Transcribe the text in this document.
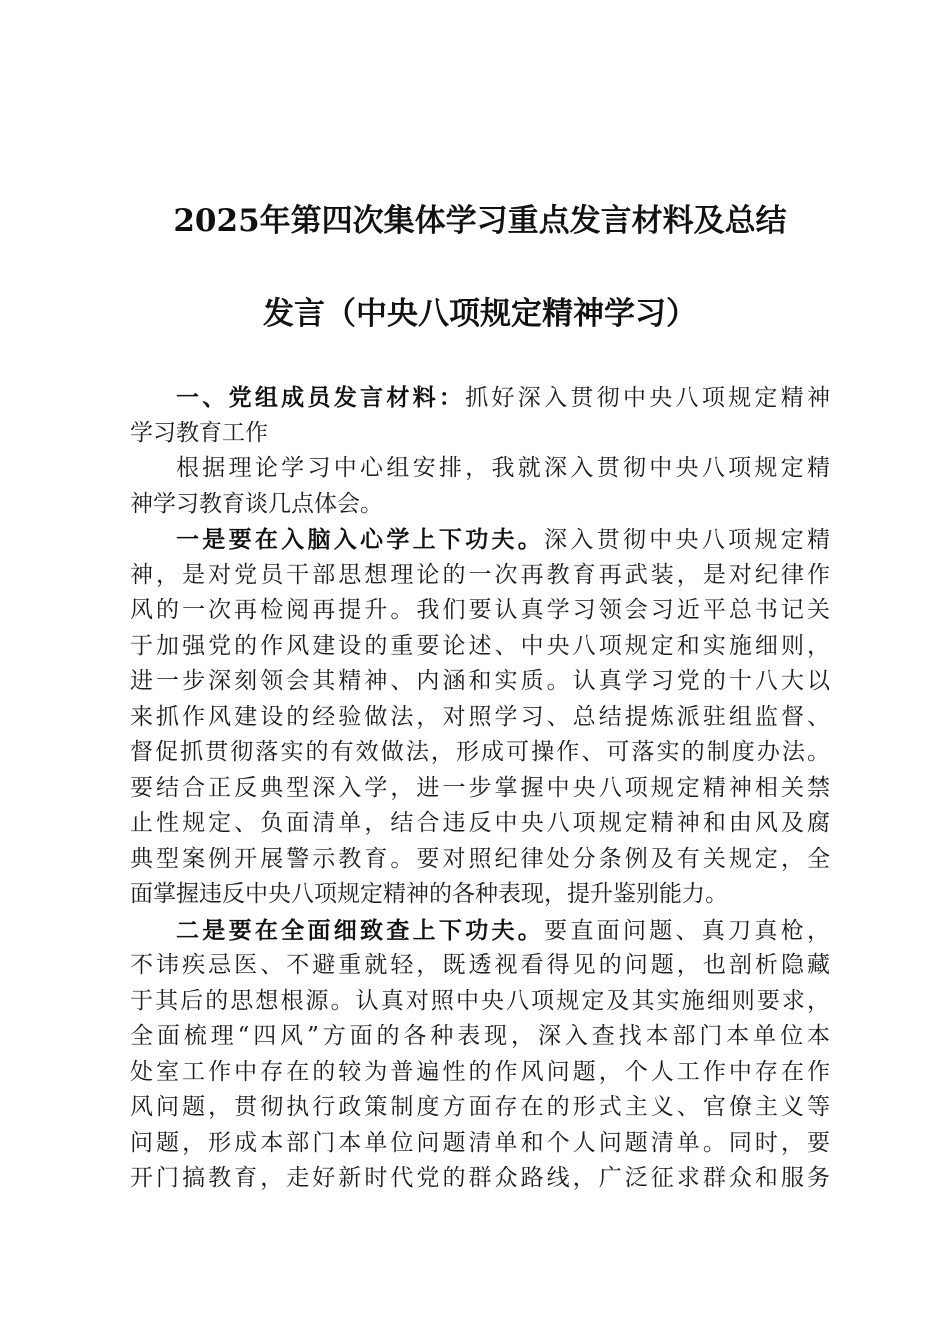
2025年第四次集体学习重点发言材料及总结
发言（中央八项规定精神学习）
一、党组成员发言材料：抓好深入贯彻中央八项规定精神
学习教育工作
根据理论学习中心组安排，我就深入贯彻中央八项规定精
神学习教育谈几点体会。
一是要在入脑入心学上下功夫。深入贯彻中央八项规定精
神，是对党员干部思想理论的一次再教育再武装，是对纪律作
风的一次再检阅再提升。我们要认真学习领会习近平总书记关
于加强党的作风建设的重要论述、中央八项规定和实施细则，
进一步深刻领会其精神、内涵和实质。认真学习党的十八大以
来抓作风建设的经验做法，对照学习、总结提炼派驻组监督、
督促抓贯彻落实的有效做法，形成可操作、可落实的制度办法。
要结合正反典型深入学，进一步掌握中央八项规定精神相关禁
止性规定、负面清单，结合违反中央八项规定精神和由风及腐
典型案例开展警示教育。要对照纪律处分条例及有关规定，全
面掌握违反中央八项规定精神的各种表现，提升鉴别能力。
二是要在全面细致查上下功夫。要直面问题、真刀真枪，
不讳疾忌医、不避重就轻，既透视看得见的问题，也剖析隐藏
于其后的思想根源。认真对照中央八项规定及其实施细则要求，
全面梳理“四风”方面的各种表现，深入查找本部门本单位本
处室工作中存在的较为普遍性的作风问题，个人工作中存在作
风问题，贯彻执行政策制度方面存在的形式主义、官僚主义等
问题，形成本部门本单位问题清单和个人问题清单。同时，要
开门搞教育，走好新时代党的群众路线，广泛征求群众和服务
